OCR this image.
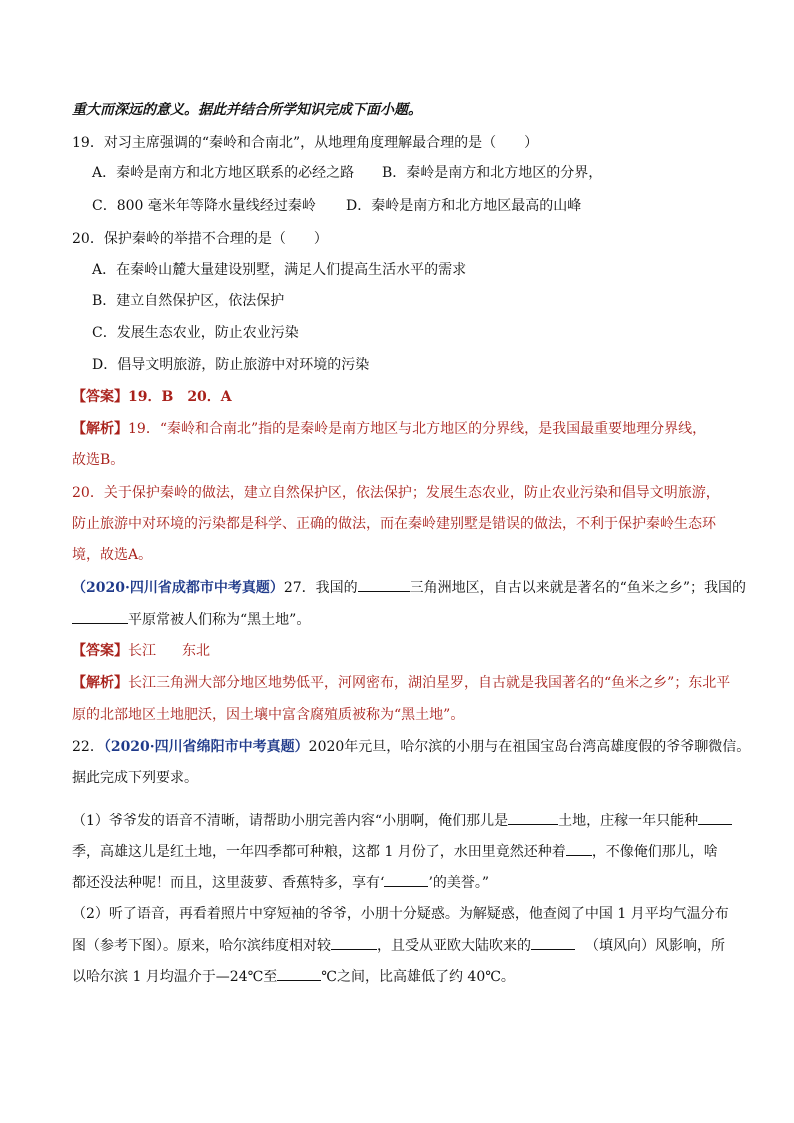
重大而深远的意义。据此并结合所学知识完成下面小题。
19．对习主席强调的“秦岭和合南北”，从地理角度理解最合理的是（　　）
A．秦岭是南方和北方地区联系的必经之路 B．秦岭是南方和北方地区的分界，
C．800 毫米年等降水量线经过秦岭 D．秦岭是南方和北方地区最高的山峰
20．保护秦岭的举措不合理的是（　　）
A．在秦岭山麓大量建设别墅，满足人们提高生活水平的需求
B．建立自然保护区，依法保护
C．发展生态农业，防止农业污染
D．倡导文明旅游，防止旅游中对环境的污染
【答案】19．B　20．A
【解析】19．“秦岭和合南北”指的是秦岭是南方地区与北方地区的分界线，是我国最重要地理分界线，
故选B。
20．关于保护秦岭的做法，建立自然保护区，依法保护；发展生态农业，防止农业污染和倡导文明旅游，
防止旅游中对环境的污染都是科学、正确的做法，而在秦岭建别墅是错误的做法，不利于保护秦岭生态环
境，故选A。
（2020·四川省成都市中考真题）27．我国的	三角洲地区，自古以来就是著名的“鱼米之乡”；我国的
平原常被人们称为“黑土地”。
【答案】长江 东北
【解析】长江三角洲大部分地区地势低平，河网密布，湖泊星罗，自古就是我国著名的“鱼米之乡”；东北平
原的北部地区土地肥沃，因土壤中富含腐殖质被称为“黑土地”。
22．（2020·四川省绵阳市中考真题）2020年元旦，哈尔滨的小朋与在祖国宝岛台湾高雄度假的爷爷聊微信。
据此完成下列要求。
（1）爷爷发的语音不清晰，请帮助小朋完善内容“小朋啊，俺们那儿是	土地，庄稼一年只能种
季，高雄这儿是红土地，一年四季都可种粮，这都 1 月份了，水田里竟然还种着 ，不像俺们那儿，啥
都还没法种呢！而且，这里菠萝、香蕉特多，享有‘	’的美誉。”
（2）听了语音，再看着照片中穿短袖的爷爷，小朋十分疑惑。为解疑惑，他查阅了中国 1 月平均气温分布
图（参考下图）。原来，哈尔滨纬度相对较	，且受从亚欧大陆吹来的	（填风向）风影响，所
以哈尔滨 1 月均温介于—24℃至	℃之间，比高雄低了约 40℃。
